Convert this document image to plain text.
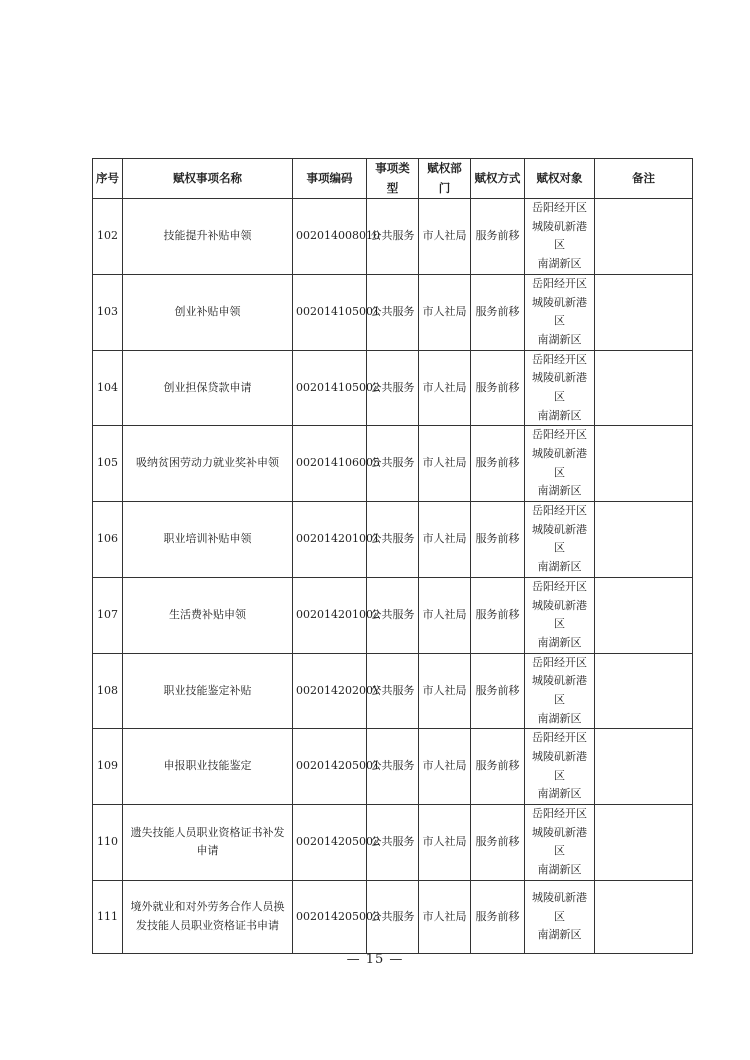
序号	赋权事项名称	事项编码	事项类型	赋权部门	赋权方式	赋权对象	备注
102	技能提升补贴申领	002014008010	公共服务	市人社局	服务前移	岳阳经开区
城陵矶新港区
南湖新区	

103	创业补贴申领	002014105001	公共服务	市人社局	服务前移	岳阳经开区
城陵矶新港区
南湖新区	

104	创业担保贷款申请	002014105002	公共服务	市人社局	服务前移	岳阳经开区
城陵矶新港区
南湖新区	

105	吸纳贫困劳动力就业奖补申领	002014106005	公共服务	市人社局	服务前移	岳阳经开区
城陵矶新港区
南湖新区	

106	职业培训补贴申领	002014201001	公共服务	市人社局	服务前移	岳阳经开区
城陵矶新港区
南湖新区	

107	生活费补贴申领	002014201002	公共服务	市人社局	服务前移	岳阳经开区
城陵矶新港区
南湖新区	

108	职业技能鉴定补贴	00201420200Y	公共服务	市人社局	服务前移	岳阳经开区
城陵矶新港区
南湖新区	

109	申报职业技能鉴定	002014205001	公共服务	市人社局	服务前移	岳阳经开区
城陵矶新港区
南湖新区	

110	遗失技能人员职业资格证书补发申请	002014205002	公共服务	市人社局	服务前移	岳阳经开区
城陵矶新港区
南湖新区	

111	境外就业和对外劳务合作人员换发技能人员职业资格证书申请	002014205003	公共服务	市人社局	服务前移	城陵矶新港区
南湖新区	

— 15 —
